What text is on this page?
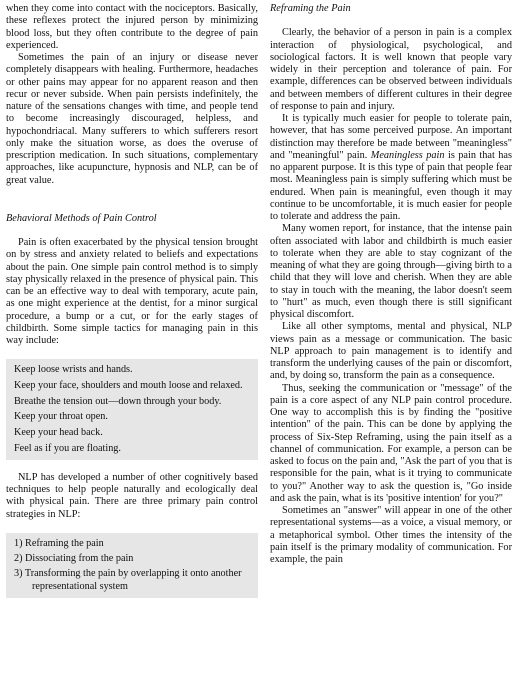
when they come into contact with the nociceptors. Basically, these reflexes protect the injured person by minimizing blood loss, but they often contribute to the degree of pain experienced.

Sometimes the pain of an injury or disease never completely disappears with healing. Furthermore, headaches or other pains may appear for no apparent reason and then recur or never subside. When pain persists indefinitely, the nature of the sensations changes with time, and people tend to become increasingly discouraged, helpless, and hypochondriacal. Many sufferers to which sufferers resort only make the situation worse, as does the overuse of prescription medication. In such situations, complementary approaches, like acupuncture, hypnosis and NLP, can be of great value.

Behavioral Methods of Pain Control

Pain is often exacerbated by the physical tension brought on by stress and anxiety related to beliefs and expectations about the pain. One simple pain control method is to simply stay physically relaxed in the presence of physical pain. This can be an effective way to deal with temporary, acute pain, as one might experience at the dentist, for a minor surgical procedure, a bump or a cut, or for the early stages of childbirth. Some simple tactics for managing pain in this way include:

Keep loose wrists and hands.
Keep your face, shoulders and mouth loose and relaxed.
Breathe the tension out—down through your body.
Keep your throat open.
Keep your head back.
Feel as if you are floating.

NLP has developed a number of other cognitively based techniques to help people naturally and ecologically deal with physical pain. There are three primary pain control strategies in NLP:

1) Reframing the pain
2) Dissociating from the pain
3) Transforming the pain by overlapping it onto another representational system
Reframing the Pain

Clearly, the behavior of a person in pain is a complex interaction of physiological, psychological, and sociological factors. It is well known that people vary widely in their perception and tolerance of pain. For example, differences can be observed between individuals and between members of different cultures in their degree of response to pain and injury.

It is typically much easier for people to tolerate pain, however, that has some perceived purpose. An important distinction may therefore be made between "meaningless" and "meaningful" pain. Meaningless pain is pain that has no apparent purpose. It is this type of pain that people fear most. Meaningless pain is simply suffering which must be endured. When pain is meaningful, even though it may continue to be uncomfortable, it is much easier for people to tolerate and address the pain.

Many women report, for instance, that the intense pain often associated with labor and childbirth is much easier to tolerate when they are able to stay cognizant of the meaning of what they are going through—giving birth to a child that they will love and cherish. When they are able to stay in touch with the meaning, the labor doesn't seem to "hurt" as much, even though there is still significant physical discomfort.

Like all other symptoms, mental and physical, NLP views pain as a message or communication. The basic NLP approach to pain management is to identify and transform the underlying causes of the pain or discomfort, and, by doing so, transform the pain as a consequence.

Thus, seeking the communication or "message" of the pain is a core aspect of any NLP pain control procedure. One way to accomplish this is by finding the "positive intention" of the pain. This can be done by applying the process of Six-Step Reframing, using the pain itself as a channel of communication. For example, a person can be asked to focus on the pain and, "Ask the part of you that is responsible for the pain, what is it trying to communicate to you?" Another way to ask the question is, "Go inside and ask the pain, what is its 'positive intention' for you?"

Sometimes an "answer" will appear in one of the other representational systems—as a voice, a visual memory, or a metaphorical symbol. Other times the intensity of the pain itself is the primary modality of communication. For example, the pain
